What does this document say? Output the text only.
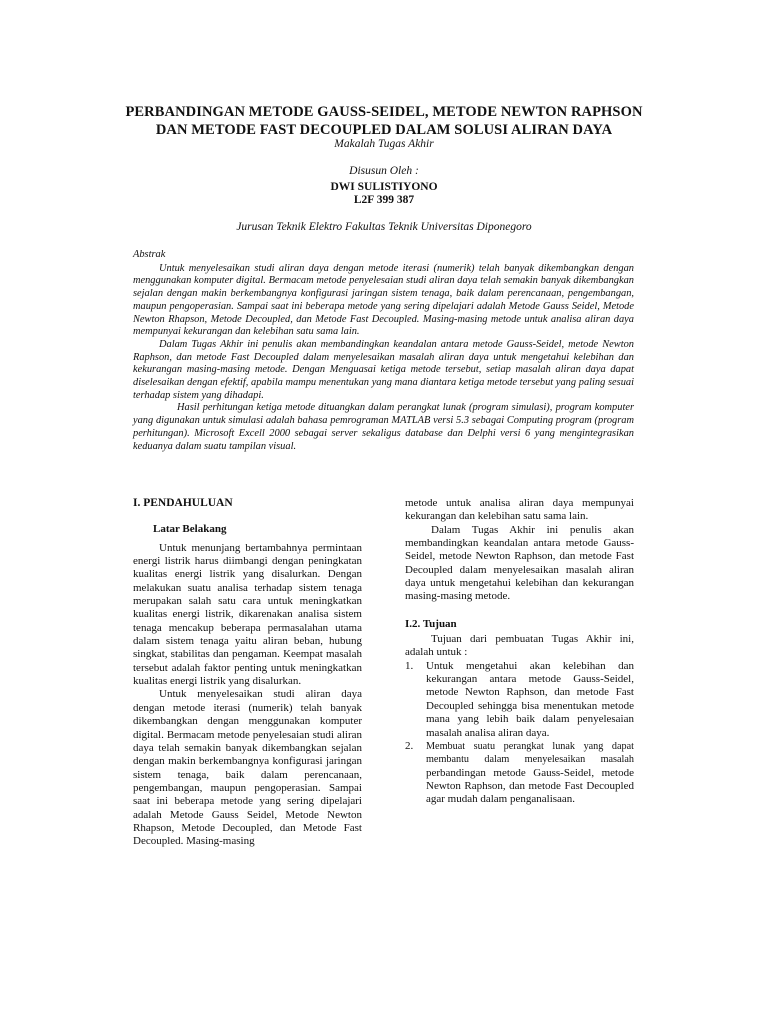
PERBANDINGAN METODE GAUSS-SEIDEL, METODE NEWTON RAPHSON
DAN METODE FAST DECOUPLED DALAM SOLUSI ALIRAN DAYA
Makalah Tugas Akhir
Disusun Oleh :
DWI SULISTIYONO
L2F 399 387
Jurusan Teknik Elektro Fakultas Teknik Universitas Diponegoro

Abstrak

Untuk menyelesaikan studi aliran daya dengan metode iterasi (numerik) telah banyak dikembangkan dengan menggunakan komputer digital. Bermacam metode penyelesaian studi aliran daya telah semakin banyak dikembangkan sejalan dengan makin berkembangnya konfigurasi jaringan sistem tenaga, baik dalam perencanaan, pengembangan, maupun pengoperasian. Sampai saat ini beberapa metode yang sering dipelajari adalah Metode Gauss Seidel, Metode Newton Rhapson, Metode Decoupled, dan Metode Fast Decoupled. Masing-masing metode untuk analisa aliran daya mempunyai kekurangan dan kelebihan satu sama lain.

Dalam Tugas Akhir ini penulis akan membandingkan keandalan antara metode Gauss-Seidel, metode Newton Raphson, dan metode Fast Decoupled dalam menyelesaikan masalah aliran daya untuk mengetahui kelebihan dan kekurangan masing-masing metode. Dengan Menguasai ketiga metode tersebut, setiap masalah aliran daya dapat diselesaikan dengan efektif, apabila mampu menentukan yang mana diantara ketiga metode tersebut yang paling sesuai terhadap sistem yang dihadapi.

Hasil perhitungan ketiga metode dituangkan dalam perangkat lunak (program simulasi), program komputer yang digunakan untuk simulasi adalah bahasa pemrograman MATLAB versi 5.3 sebagai Computing program (program perhitungan). Microsoft Excell 2000 sebagai server sekaligus database dan Delphi versi 6 yang mengintegrasikan keduanya dalam suatu tampilan visual.

I. PENDAHULUAN

Latar Belakang

Untuk menunjang bertambahnya permintaan energi listrik harus diimbangi dengan peningkatan kualitas energi listrik yang disalurkan. Dengan melakukan suatu analisa terhadap sistem tenaga merupakan salah satu cara untuk meningkatkan kualitas energi listrik, dikarenakan analisa sistem tenaga mencakup beberapa permasalahan utama dalam sistem tenaga yaitu aliran beban, hubung singkat, stabilitas dan pengaman. Keempat masalah tersebut adalah faktor penting untuk meningkatkan kualitas energi listrik yang disalurkan.

Untuk menyelesaikan studi aliran daya dengan metode iterasi (numerik) telah banyak dikembangkan dengan menggunakan komputer digital. Bermacam metode penyelesaian studi aliran daya telah semakin banyak dikembangkan sejalan dengan makin berkembangnya konfigurasi jaringan sistem tenaga, baik dalam perencanaan, pengembangan, maupun pengoperasian. Sampai saat ini beberapa metode yang sering dipelajari adalah Metode Gauss Seidel, Metode Newton Rhapson, Metode Decoupled, dan Metode Fast Decoupled. Masing-masing

metode untuk analisa aliran daya mempunyai kekurangan dan kelebihan satu sama lain.

Dalam Tugas Akhir ini penulis akan membandingkan keandalan antara metode Gauss-Seidel, metode Newton Raphson, dan metode Fast Decoupled dalam menyelesaikan masalah aliran daya untuk mengetahui kelebihan dan kekurangan masing-masing metode.

I.2. Tujuan

Tujuan dari pembuatan Tugas Akhir ini, adalah untuk :

1.	Untuk mengetahui akan kelebihan dan kekurangan antara metode Gauss-Seidel, metode Newton Raphson, dan metode Fast Decoupled sehingga bisa menentukan metode mana yang lebih baik dalam penyelesaian masalah analisa aliran daya.
2.	Membuat suatu perangkat lunak yang dapat membantu dalam menyelesaikan masalah perbandingan metode Gauss-Seidel, metode Newton Raphson, dan metode Fast Decoupled agar mudah dalam penganalisaan.
